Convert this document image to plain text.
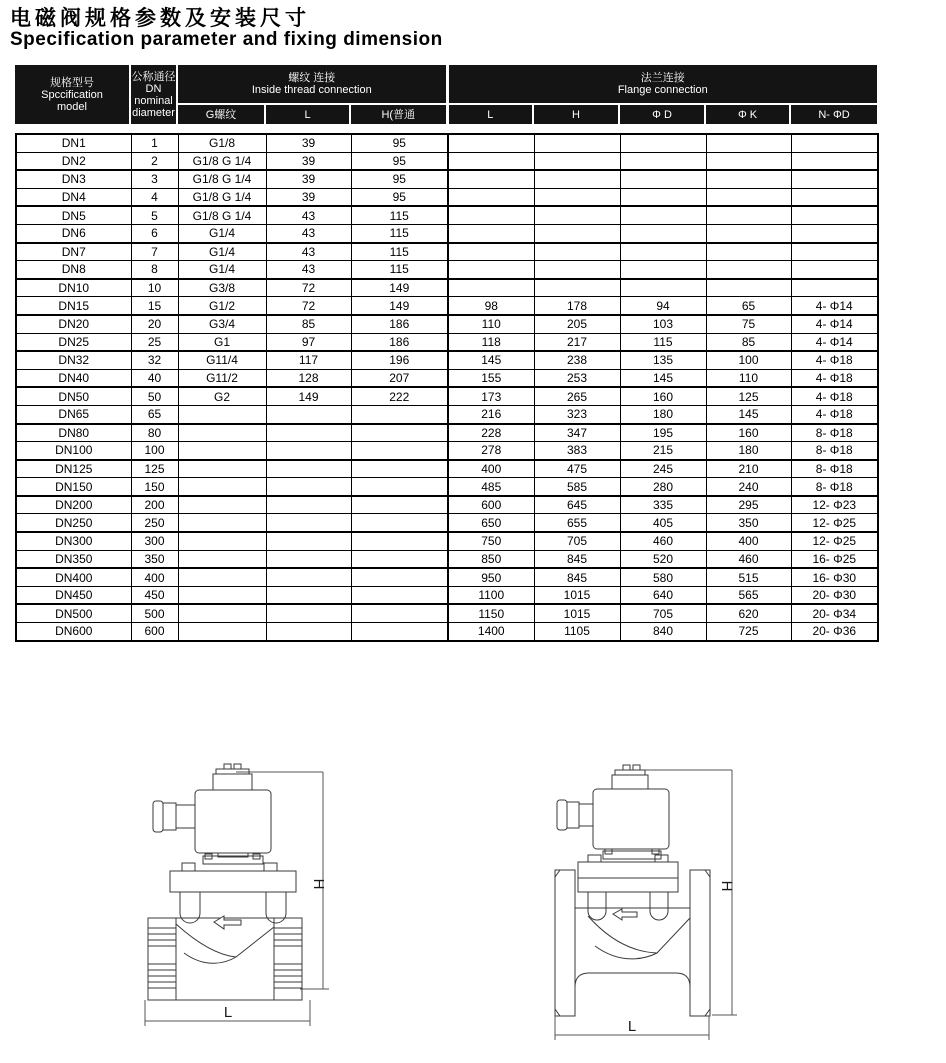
电磁阀规格参数及安装尺寸
Specification parameter and fixing dimension
规格型号
Spccification
model

公称通径
DN
nominal
diameter

螺纹 连接
Inside thread connection

法兰连接
Flange connection

		G螺纹	L	H(普通	L	H	Φ D	Φ K	N- ΦD
DN1	1	G1/8	39	95					
DN2	2	G1/8 G 1/4	39	95					
DN3	3	G1/8 G 1/4	39	95					
DN4	4	G1/8 G 1/4	39	95					
DN5	5	G1/8 G 1/4	43	115					
DN6	6	G1/4	43	115					
DN7	7	G1/4	43	115					
DN8	8	G1/4	43	115					
DN10	10	G3/8	72	149					
DN15	15	G1/2	72	149	98	178	94	65	4- Φ14
DN20	20	G3/4	85	186	110	205	103	75	4- Φ14
DN25	25	G1	97	186	118	217	115	85	4- Φ14
DN32	32	G11/4	117	196	145	238	135	100	4- Φ18
DN40	40	G11/2	128	207	155	253	145	110	4- Φ18
DN50	50	G2	149	222	173	265	160	125	4- Φ18
DN65	65				216	323	180	145	4- Φ18
DN80	80				228	347	195	160	8- Φ18
DN100	100				278	383	215	180	8- Φ18
DN125	125				400	475	245	210	8- Φ18
DN150	150				485	585	280	240	8- Φ18
DN200	200				600	645	335	295	12- Φ23
DN250	250				650	655	405	350	12- Φ25
DN300	300				750	705	460	400	12- Φ25
DN350	350				850	845	520	460	16- Φ25
DN400	400				950	845	580	515	16- Φ30
DN450	450				1100	1015	640	565	20- Φ30
DN500	500				1150	1015	705	620	20- Φ34
DN600	600				1400	1105	840	725	20- Φ36
H
L
H
L
